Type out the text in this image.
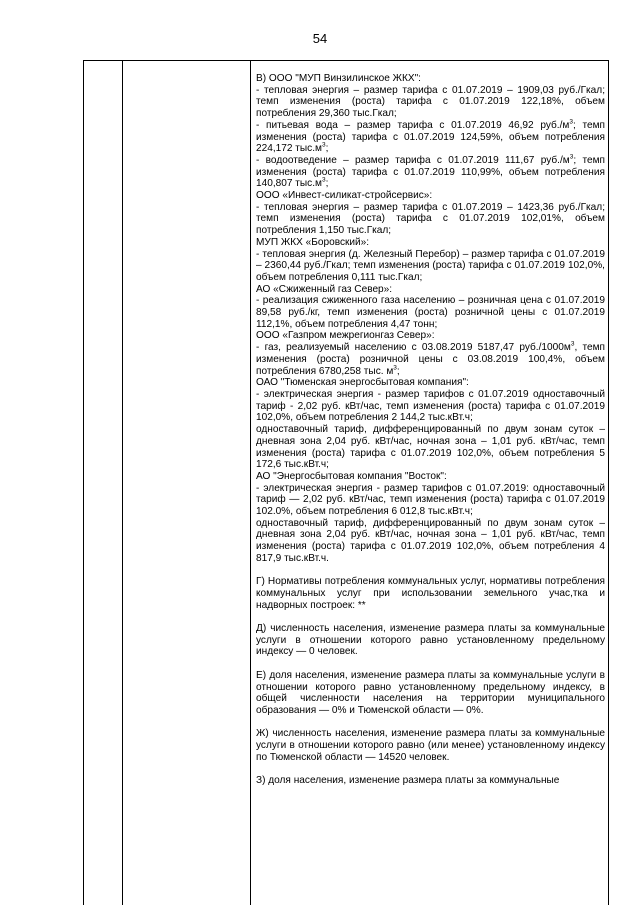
54
В) ООО "МУП Винзилинское ЖКХ":
- тепловая энергия – размер тарифа с 01.07.2019 – 1909,03 руб./Гкал; темп изменения (роста) тарифа с 01.07.2019 122,18%, объем потребления 29,360 тыс.Гкал;
- питьевая вода – размер тарифа с 01.07.2019 46,92 $руб./м^3$; темп изменения (роста) тарифа с 01.07.2019 124,59%, объем потребления 224,172 $тыс.м^3$;
- водоотведение – размер тарифа с 01.07.2019 111,67 $руб./м^3$; темп изменения (роста) тарифа с 01.07.2019 110,99%, объем потребления 140,807 $тыс.м^3$;
ООО «Инвест-силикат-стройсервис»:
- тепловая энергия – размер тарифа с 01.07.2019 – 1423,36 руб./Гкал; темп изменения (роста) тарифа с 01.07.2019 102,01%, объем потребления 1,150 тыс.Гкал;
МУП ЖКХ «Боровский»:
- тепловая энергия (д. Железный Перебор) – размер тарифа с 01.07.2019 – 2360,44 руб./Гкал; темп изменения (роста) тарифа с 01.07.2019 102,0%, объем потребления 0,111 тыс.Гкал;
АО «Сжиженный газ Север»:
- реализация сжиженного газа населению – розничная цена с 01.07.2019 89,58 руб./кг, темп изменения (роста) розничной цены с 01.07.2019 112,1%, объем потребления 4,47 тонн;
ООО «Газпром межрегионгаз Север»:
- газ, реализуемый населению с 03.08.2019 5187,47 $руб./1000м^3$, темп изменения (роста) розничной цены с 03.08.2019 100,4%, объем потребления 6780,258 тыс. $м^3$;
ОАО "Тюменская энергосбытовая компания":
- электрическая энергия - размер тарифов с 01.07.2019 одноставочный тариф - 2,02 руб. кВт/час, темп изменения (роста) тарифа с 01.07.2019 102,0%, объем потребления 2 144,2 тыс.кВт.ч;
одноставочный тариф, дифференцированный по двум зонам суток – дневная зона 2,04 руб. кВт/час, ночная зона – 1,01 руб. кВт/час, темп изменения (роста) тарифа с 01.07.2019 102,0%, объем потребления 5 172,6 тыс.кВт.ч;
АО "Энергосбытовая компания "Восток":
- электрическая энергия - размер тарифов с 01.07.2019: одноставочный тариф — 2,02 руб. кВт/час, темп изменения (роста) тарифа с 01.07.2019 102.0%, объем потребления 6 012,8 тыс.кВт.ч;
одноставочный тариф, дифференцированный по двум зонам суток – дневная зона 2,04 руб. кВт/час, ночная зона – 1,01 руб. кВт/час, темп изменения (роста) тарифа с 01.07.2019 102,0%, объем потребления 4 817,9 тыс.кВт.ч.
Г) Нормативы потребления коммунальных услуг, нормативы потребления коммунальных услуг при использовании земельного учас,тка и надворных построек: **
Д) численность населения, изменение размера платы за коммунальные услуги в отношении которого равно установленному предельному индексу — 0 человек.
Е) доля населения, изменение размера платы за коммунальные услуги в отношении которого равно установленному предельному индексу, в общей численности населения на территории муниципального образования — 0% и Тюменской области — 0%.
Ж) численность населения, изменение размера платы за коммунальные услуги в отношении которого равно (или менее) установленному индексу по Тюменской области — 14520 человек.
З) доля населения, изменение размера платы за коммунальные
